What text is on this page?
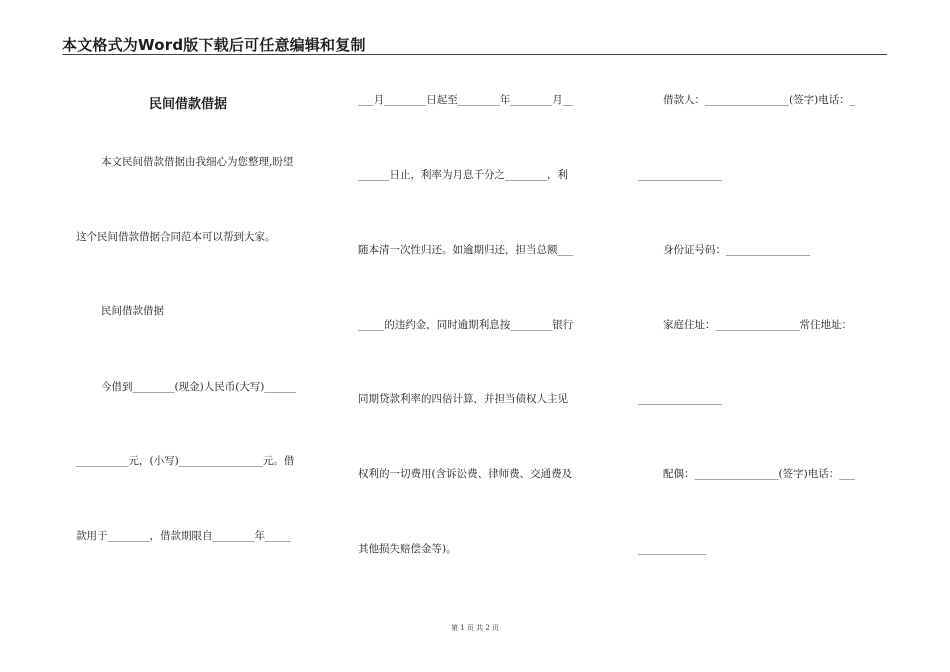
本文格式为Word版下载后可任意编辑和复制
民间借款借据
本文民间借款借据由我细心为您整理,盼望
这个民间借款借据合同范本可以帮到大家。
民间借款借据
今借到________(现金)人民币(大写)______
__________元，(小写)________________元。借
款用于________，借款期限自________年_____
___月________日起至________年________月__
______日止，利率为月息千分之________，利
随本清一次性归还。如逾期归还，担当总额___
_____的违约金，同时逾期利息按________银行
同期贷款利率的四倍计算，并担当债权人主见
权利的一切费用(含诉讼费、律师费、交通费及
其他损失赔偿金等)。
借款人：________________(签字)电话：_
________________
身份证号码：________________
家庭住址：________________常住地址：
________________
配偶：________________(签字)电话：___
_____________
第 1 页 共 2 页
